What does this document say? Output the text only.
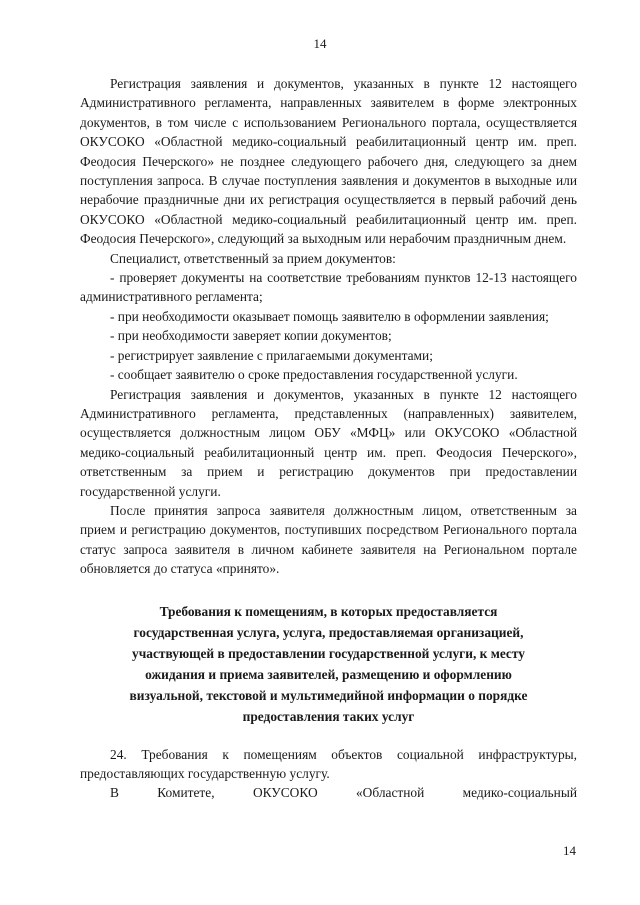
14

Регистрация заявления и документов, указанных в пункте 12 настоящего Административного регламента, направленных заявителем в форме электронных документов, в том числе с использованием Регионального портала, осуществляется ОКУСОКО «Областной медико-социальный реабилитационный центр им. преп. Феодосия Печерского» не позднее следующего рабочего дня, следующего за днем поступления запроса. В случае поступления заявления и документов в выходные или нерабочие праздничные дни их регистрация осуществляется в первый рабочий день ОКУСОКО «Областной медико-социальный реабилитационный центр им. преп. Феодосия Печерского», следующий за выходным или нерабочим праздничным днем.

Специалист, ответственный за прием документов:

- проверяет документы на соответствие требованиям пунктов 12-13 настоящего административного регламента;

- при необходимости оказывает помощь заявителю в оформлении заявления;

- при необходимости заверяет копии документов;

- регистрирует заявление с прилагаемыми документами;

- сообщает заявителю о сроке предоставления государственной услуги.

Регистрация заявления и документов, указанных в пункте 12 настоящего Административного регламента, представленных (направленных) заявителем, осуществляется должностным лицом ОБУ «МФЦ» или ОКУСОКО «Областной медико-социальный реабилитационный центр им. преп. Феодосия Печерского», ответственным за прием и регистрацию документов при предоставлении государственной услуги.

После принятия запроса заявителя должностным лицом, ответственным за прием и регистрацию документов, поступивших посредством Регионального портала статус запроса заявителя в личном кабинете заявителя на Региональном портале обновляется до статуса «принято».

Требования к помещениям, в которых предоставляется
государственная услуга, услуга, предоставляемая организацией,
участвующей в предоставлении государственной услуги, к месту
ожидания и приема заявителей, размещению и оформлению
визуальной, текстовой и мультимедийной информации о порядке
предоставления таких услуг

24. Требования к помещениям объектов социальной инфраструктуры, предоставляющих государственную услугу.

В Комитете, ОКУСОКО «Областной медико-социальный

14
